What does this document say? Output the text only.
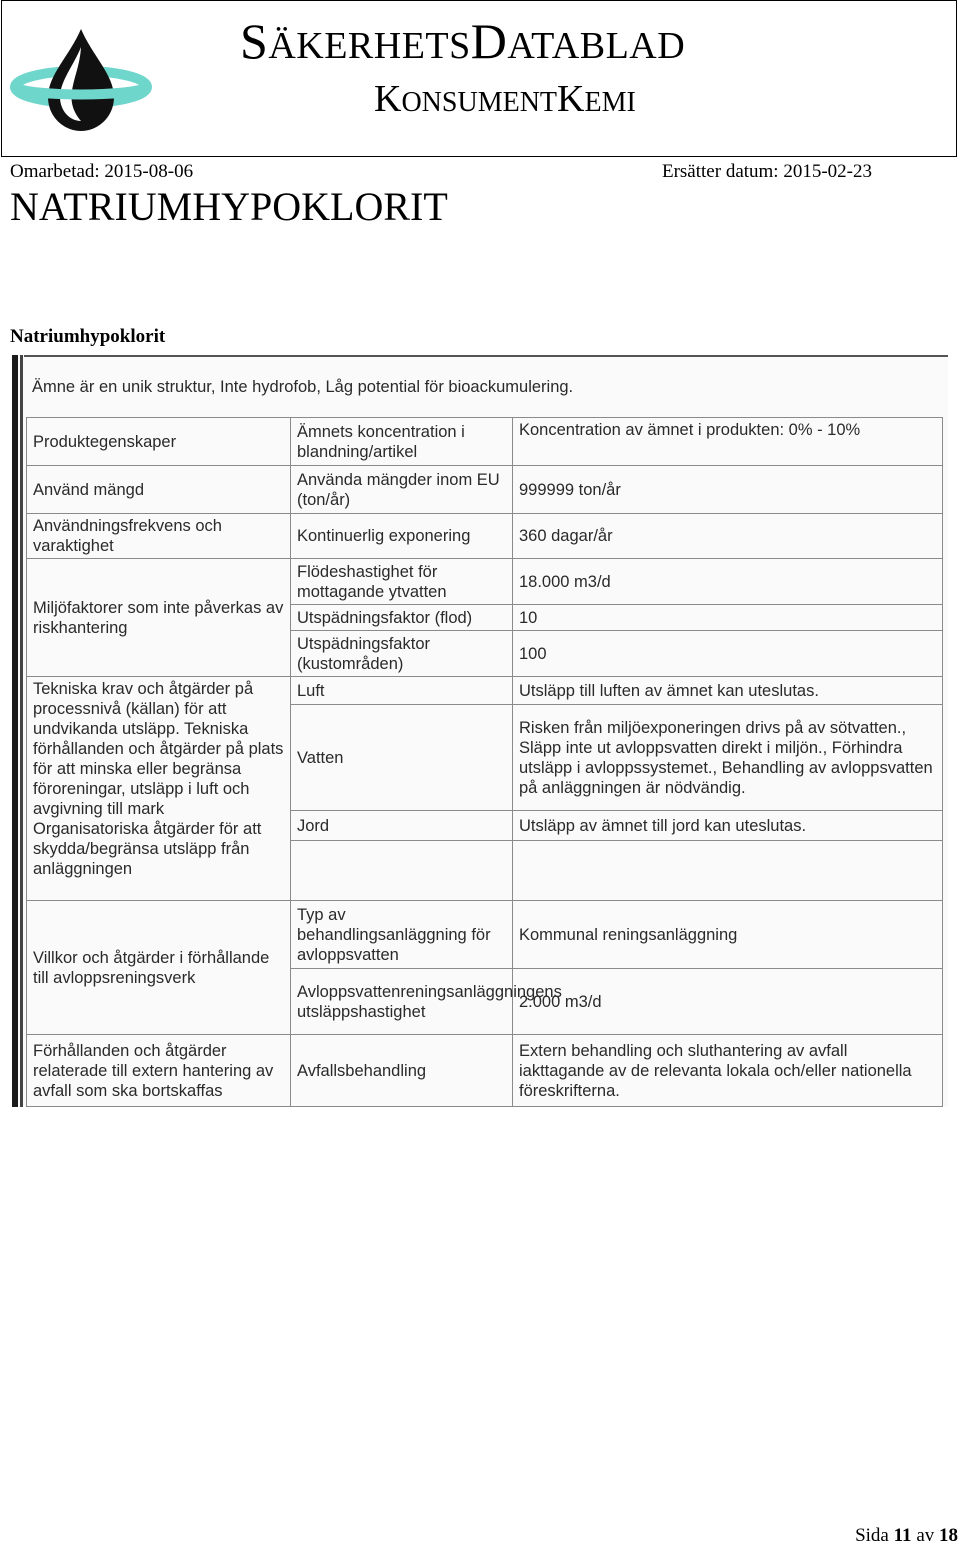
SÄKERHETSDATABLAD
KONSUMENTKEMI
Omarbetad: 2015-08-06	Ersätter datum: 2015-02-23
NATRIUMHYPOKLORIT
Natriumhypoklorit
Ämne är en unik struktur, Inte hydrofob, Låg potential för bioackumulering.
Produktegenskaper	Ämnets koncentration i blandning/artikel	Koncentration av ämnet i produkten: 0% - 10%
Använd mängd	Använda mängder inom EU (ton/år)	999999 ton/år
Användningsfrekvens och varaktighet	Kontinuerlig exponering	360 dagar/år
Miljöfaktorer som inte påverkas av riskhantering	Flödeshastighet för mottagande ytvatten	18.000 m3/d
	Utspädningsfaktor (flod)	10
	Utspädningsfaktor (kustområden)	100
Tekniska krav och åtgärder på processnivå (källan) för att undvikanda utsläpp. Tekniska förhållanden och åtgärder på plats för att minska eller begränsa föroreningar, utsläpp i luft och avgivning till mark Organisatoriska åtgärder för att skydda/begränsa utsläpp från anläggningen	Luft	Utsläpp till luften av ämnet kan uteslutas.
	Vatten	Risken från miljöexponeringen drivs på av sötvatten., Släpp inte ut avloppsvatten direkt i miljön., Förhindra utsläpp i avloppssystemet., Behandling av avloppsvatten på anläggningen är nödvändig.
	Jord	Utsläpp av ämnet till jord kan uteslutas.

Villkor och åtgärder i förhållande till avloppsreningsverk	Typ av behandlingsanläggning för avloppsvatten	Kommunal reningsanläggning
	Avloppsvattenreningsanläggningens utsläppshastighet	2.000 m3/d
Förhållanden och åtgärder relaterade till extern hantering av avfall som ska bortskaffas	Avfallsbehandling	Extern behandling och sluthantering av avfall iakttagande av de relevanta lokala och/eller nationella föreskrifterna.
Sida 11 av 18
